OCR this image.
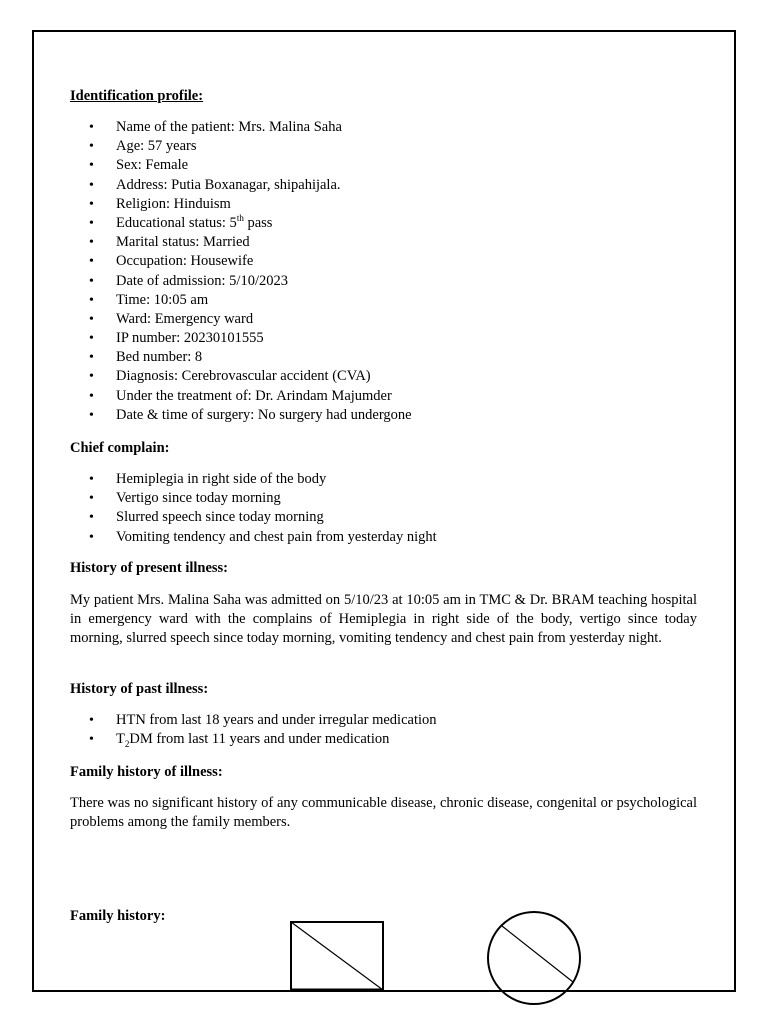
Identification profile:

• Name of the patient: Mrs. Malina Saha
• Age: 57 years
• Sex: Female
• Address: Putia Boxanagar, shipahijala.
• Religion: Hinduism
• Educational status: 5th pass
• Marital status: Married
• Occupation: Housewife
• Date of admission: 5/10/2023
• Time: 10:05 am
• Ward: Emergency ward
• IP number: 20230101555
• Bed number: 8
• Diagnosis: Cerebrovascular accident (CVA)
• Under the treatment of: Dr. Arindam Majumder
• Date & time of surgery: No surgery had undergone

Chief complain:

• Hemiplegia in right side of the body
• Vertigo since today morning
• Slurred speech since today morning
• Vomiting tendency and chest pain from yesterday night

History of present illness:

My patient Mrs. Malina Saha was admitted on 5/10/23 at 10:05 am in TMC & Dr. BRAM teaching hospital in emergency ward with the complains of Hemiplegia in right side of the body, vertigo since today morning, slurred speech since today morning, vomiting tendency and chest pain from yesterday night.

History of past illness:

• HTN from last 18 years and under irregular medication
• $T_2DM$ from last 11 years and under medication

Family history of illness:

There was no significant history of any communicable disease, chronic disease, congenital or psychological problems among the family members.

Family history:
